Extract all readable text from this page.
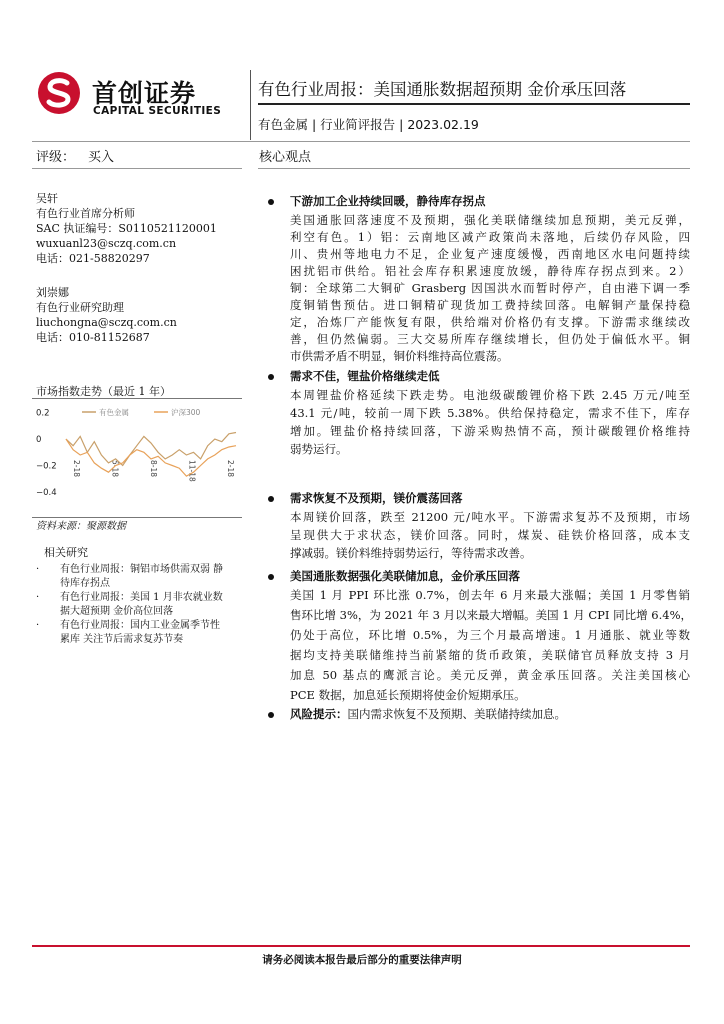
首创证券
CAPITAL SECURITIES
有色行业周报：美国通胀数据超预期 金价承压回落
有色金属 | 行业简评报告 | 2023.02.19
评级： 买入	核心观点
吴轩
有色行业首席分析师
SAC 执证编号：S0110521120001
wuxuanl23@sczq.com.cn
电话：021-58820297
刘崇娜
有色行业研究助理
liuchongna@sczq.com.cn
电话：010-81152687
市场指数走势（最近 1 年）
0.2
0
−0.2
−0.4
2-18	5-18	8-18	11-18	2-18
有色金属	沪深300
资料来源：聚源数据
相关研究
· 有色行业周报：铜铝市场供需双弱 静
待库存拐点
· 有色行业周报：美国 1 月非农就业数
据大超预期 金价高位回落
· 有色行业周报：国内工业金属季节性
累库 关注节后需求复苏节奏
下游加工企业持续回暖，静待库存拐点
美国通胀回落速度不及预期，强化美联储继续加息预期，美元反弹，
利空有色。1）铝：云南地区减产政策尚未落地，后续仍存风险，四
川、贵州等地电力不足，企业复产速度缓慢，西南地区水电问题持续
困扰铝市供给。铝社会库存积累速度放缓，静待库存拐点到来。2）
铜：全球第二大铜矿 Grasberg 因国洪水而暂时停产，自由港下调一季
度铜销售预估。进口铜精矿现货加工费持续回落。电解铜产量保持稳
定，冶炼厂产能恢复有限，供给端对价格仍有支撑。下游需求继续改
善，但仍然偏弱。三大交易所库存继续增长，但仍处于偏低水平。铜
市供需矛盾不明显，铜价料维持高位震荡。
需求不佳，锂盐价格继续走低
本周锂盐价格延续下跌走势。电池级碳酸锂价格下跌 2.45 万元/吨至
43.1 元/吨，较前一周下跌 5.38%。供给保持稳定，需求不佳下，库存
增加。锂盐价格持续回落，下游采购热情不高，预计碳酸锂价格维持
弱势运行。
需求恢复不及预期，镁价震荡回落
本周镁价回落，跌至 21200 元/吨水平。下游需求复苏不及预期，市场
呈现供大于求状态，镁价回落。同时，煤炭、硅铁价格回落，成本支
撑减弱。镁价料维持弱势运行，等待需求改善。
美国通胀数据强化美联储加息，金价承压回落
美国 1 月 PPI 环比涨 0.7%，创去年 6 月来最大涨幅；美国 1 月零售销
售环比增 3%，为 2021 年 3 月以来最大增幅。美国 1 月 CPI 同比增 6.4%，
仍处于高位，环比增 0.5%，为三个月最高增速。1 月通胀、就业等数
据均支持美联储维持当前紧缩的货币政策，美联储官员释放支持 3 月
加息 50 基点的鹰派言论。美元反弹，黄金承压回落。关注美国核心
PCE 数据，加息延长预期将使金价短期承压。
风险提示：国内需求恢复不及预期、美联储持续加息。
请务必阅读本报告最后部分的重要法律声明
